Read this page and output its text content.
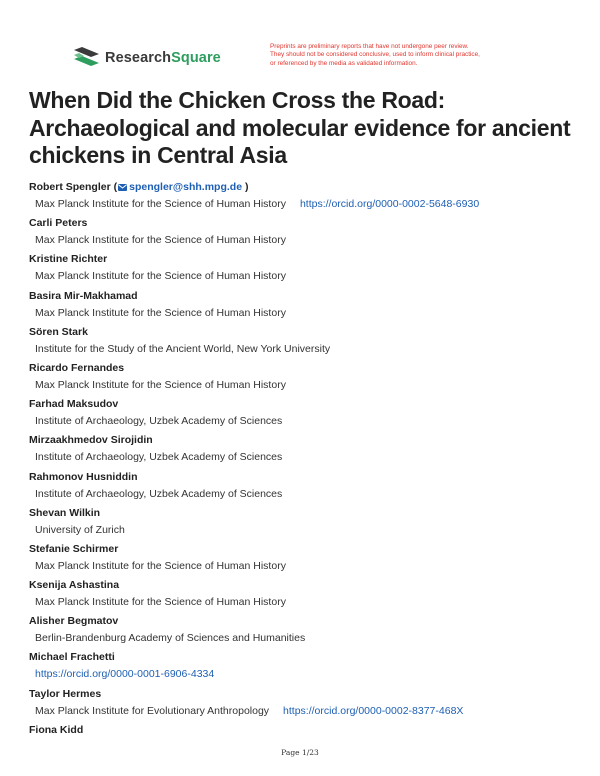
ResearchSquare
Preprints are preliminary reports that have not undergone peer review.
They should not be considered conclusive, used to inform clinical practice,
or referenced by the media as validated information.
When Did the Chicken Cross the Road: Archaeological and molecular evidence for ancient chickens in Central Asia
Robert Spengler ( spengler@shh.mpg.de )
Max Planck Institute for the Science of Human History https://orcid.org/0000-0002-5648-6930
Carli Peters
Max Planck Institute for the Science of Human History
Kristine Richter
Max Planck Institute for the Science of Human History
Basira Mir-Makhamad
Max Planck Institute for the Science of Human History
Sören Stark
Institute for the Study of the Ancient World, New York University
Ricardo Fernandes
Max Planck Institute for the Science of Human History
Farhad Maksudov
Institute of Archaeology, Uzbek Academy of Sciences
Mirzaakhmedov Sirojidin
Institute of Archaeology, Uzbek Academy of Sciences
Rahmonov Husniddin
Institute of Archaeology, Uzbek Academy of Sciences
Shevan Wilkin
University of Zurich
Stefanie Schirmer
Max Planck Institute for the Science of Human History
Ksenija Ashastina
Max Planck Institute for the Science of Human History
Alisher Begmatov
Berlin-Brandenburg Academy of Sciences and Humanities
Michael Frachetti
https://orcid.org/0000-0001-6906-4334
Taylor Hermes
Max Planck Institute for Evolutionary Anthropology https://orcid.org/0000-0002-8377-468X
Fiona Kidd
Page 1/23
